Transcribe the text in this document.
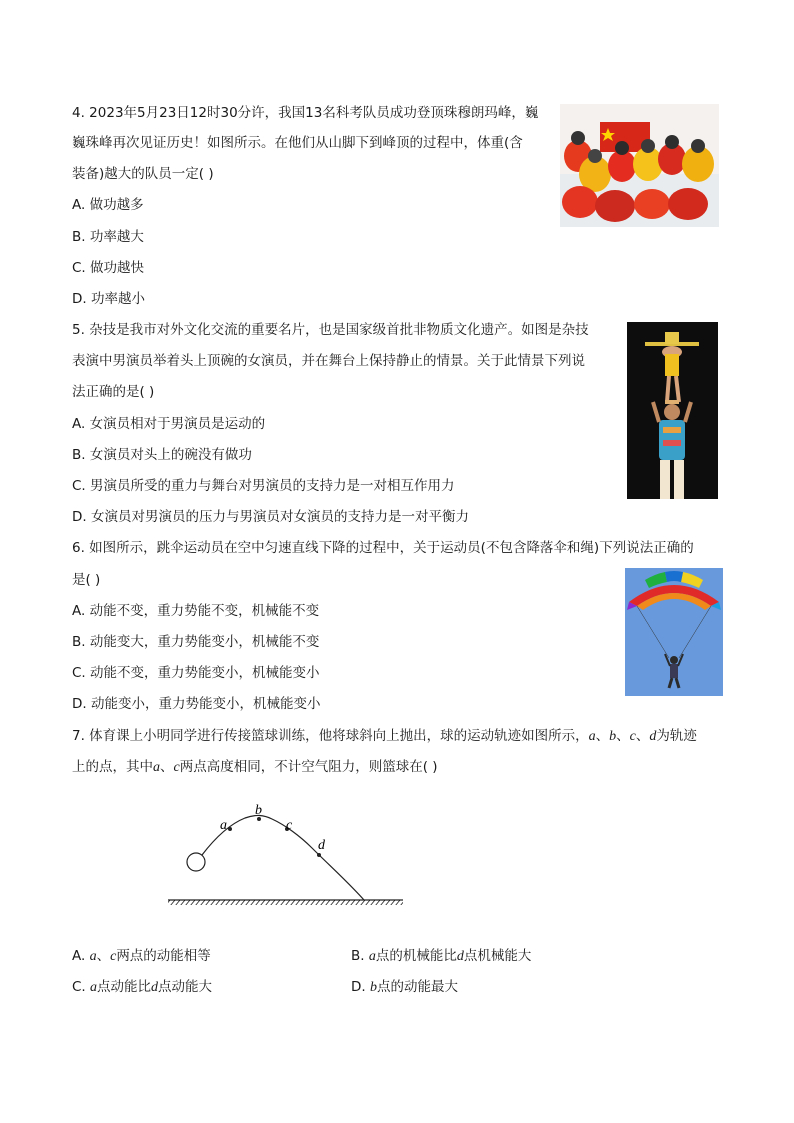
4. 2023年5月23日12时30分许，我国13名科考队员成功登顶珠穆朗玛峰，巍
巍珠峰再次见证历史！如图所示。在他们从山脚下到峰顶的过程中，体重(含
装备)越大的队员一定( )
A. 做功越多
B. 功率越大
C. 做功越快
D. 功率越小
5. 杂技是我市对外文化交流的重要名片，也是国家级首批非物质文化遗产。如图是杂技
表演中男演员举着头上顶碗的女演员，并在舞台上保持静止的情景。关于此情景下列说
法正确的是( )
A. 女演员相对于男演员是运动的
B. 女演员对头上的碗没有做功
C. 男演员所受的重力与舞台对男演员的支持力是一对相互作用力
D. 女演员对男演员的压力与男演员对女演员的支持力是一对平衡力
6. 如图所示，跳伞运动员在空中匀速直线下降的过程中，关于运动员(不包含降落伞和绳)下列说法正确的
是( )
A. 动能不变，重力势能不变，机械能不变
B. 动能变大，重力势能变小，机械能不变
C. 动能不变，重力势能变小，机械能变小
D. 动能变小，重力势能变小，机械能变小
7. 体育课上小明同学进行传接篮球训练，他将球斜向上抛出，球的运动轨迹如图所示，a、b、c、d为轨迹
上的点，其中a、c两点高度相同，不计空气阻力，则篮球在( )
a
b
c
d
A. a、c两点的动能相等	B. a点的机械能比d点机械能大
C. a点动能比d点动能大	D. b点的动能最大
